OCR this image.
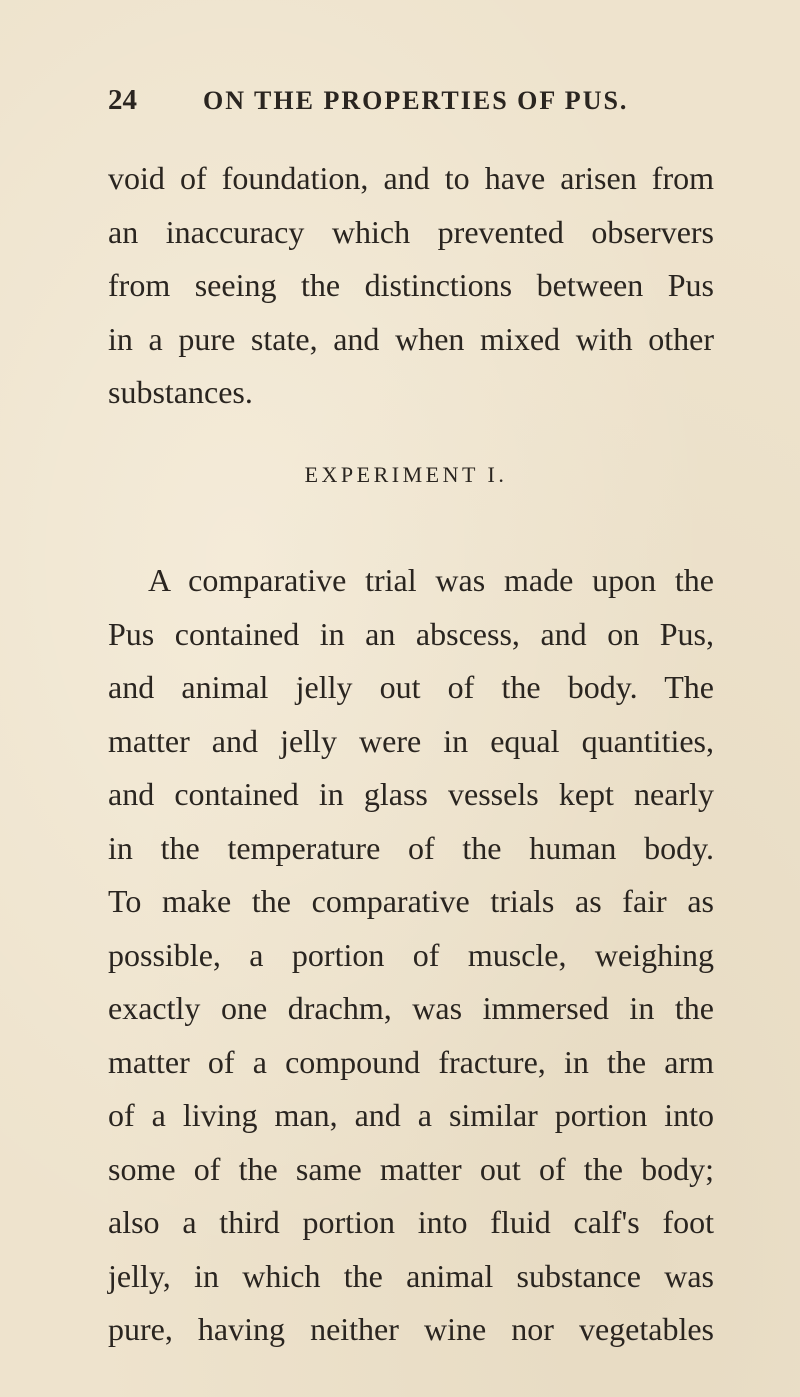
24	ON THE PROPERTIES OF PUS.
void of foundation, and to have arisen from
an inaccuracy which prevented observers
from seeing the distinctions between Pus
in a pure state, and when mixed with other
substances.
EXPERIMENT I.
A comparative trial was made upon the
Pus contained in an abscess, and on Pus,
and animal jelly out of the body. The
matter and jelly were in equal quantities,
and contained in glass vessels kept nearly
in the temperature of the human body.
To make the comparative trials as fair as
possible, a portion of muscle, weighing
exactly one drachm, was immersed in the
matter of a compound fracture, in the arm
of a living man, and a similar portion into
some of the same matter out of the body;
also a third portion into fluid calf's foot
jelly, in which the animal substance was
pure, having neither wine nor vegetables
